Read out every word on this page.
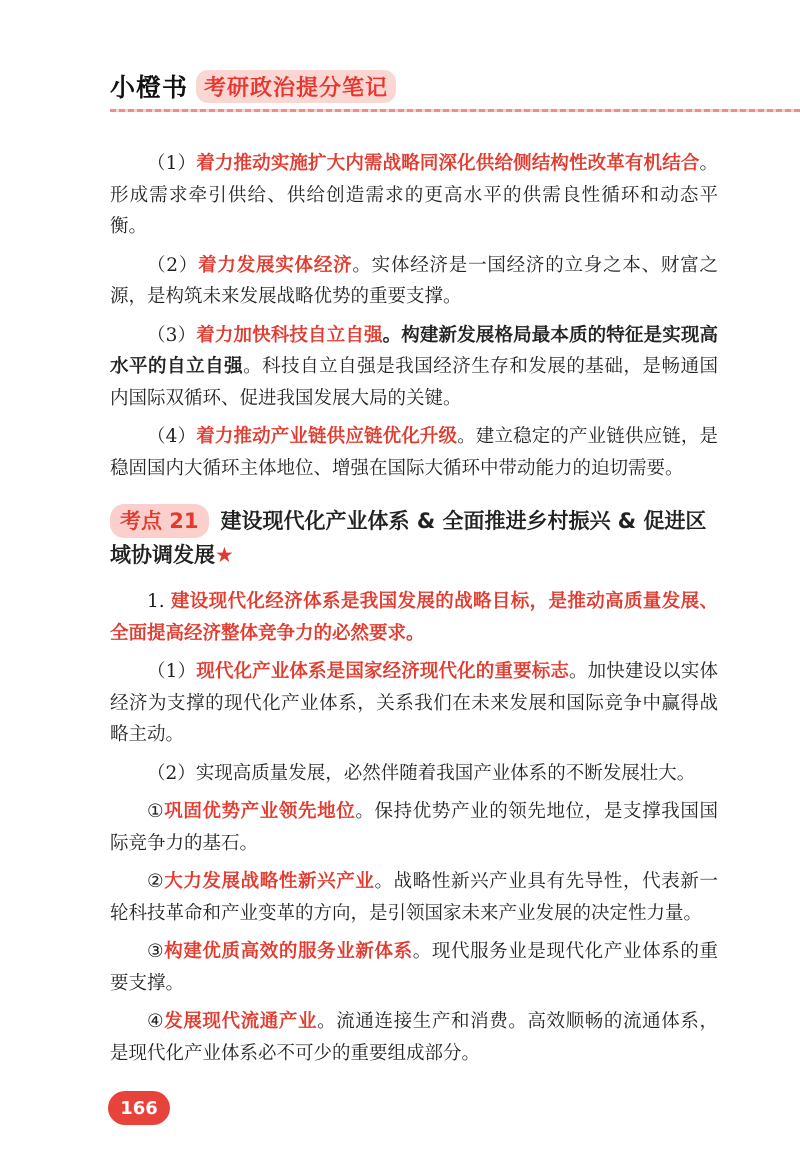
小橙书 考研政治提分笔记

（1）着力推动实施扩大内需战略同深化供给侧结构性改革有机结合。形成需求牵引供给、供给创造需求的更高水平的供需良性循环和动态平衡。

（2）着力发展实体经济。实体经济是一国经济的立身之本、财富之源，是构筑未来发展战略优势的重要支撑。

（3）着力加快科技自立自强。构建新发展格局最本质的特征是实现高水平的自立自强。科技自立自强是我国经济生存和发展的基础，是畅通国内国际双循环、促进我国发展大局的关键。

（4）着力推动产业链供应链优化升级。建立稳定的产业链供应链，是稳固国内大循环主体地位、增强在国际大循环中带动能力的迫切需要。

考点 21 建设现代化产业体系 & 全面推进乡村振兴 & 促进区域协调发展★

1. 建设现代化经济体系是我国发展的战略目标，是推动高质量发展、全面提高经济整体竞争力的必然要求。

（1）现代化产业体系是国家经济现代化的重要标志。加快建设以实体经济为支撑的现代化产业体系，关系我们在未来发展和国际竞争中赢得战略主动。

（2）实现高质量发展，必然伴随着我国产业体系的不断发展壮大。

①巩固优势产业领先地位。保持优势产业的领先地位，是支撑我国国际竞争力的基石。

②大力发展战略性新兴产业。战略性新兴产业具有先导性，代表新一轮科技革命和产业变革的方向，是引领国家未来产业发展的决定性力量。

③构建优质高效的服务业新体系。现代服务业是现代化产业体系的重要支撑。

④发展现代流通产业。流通连接生产和消费。高效顺畅的流通体系，是现代化产业体系必不可少的重要组成部分。

166
